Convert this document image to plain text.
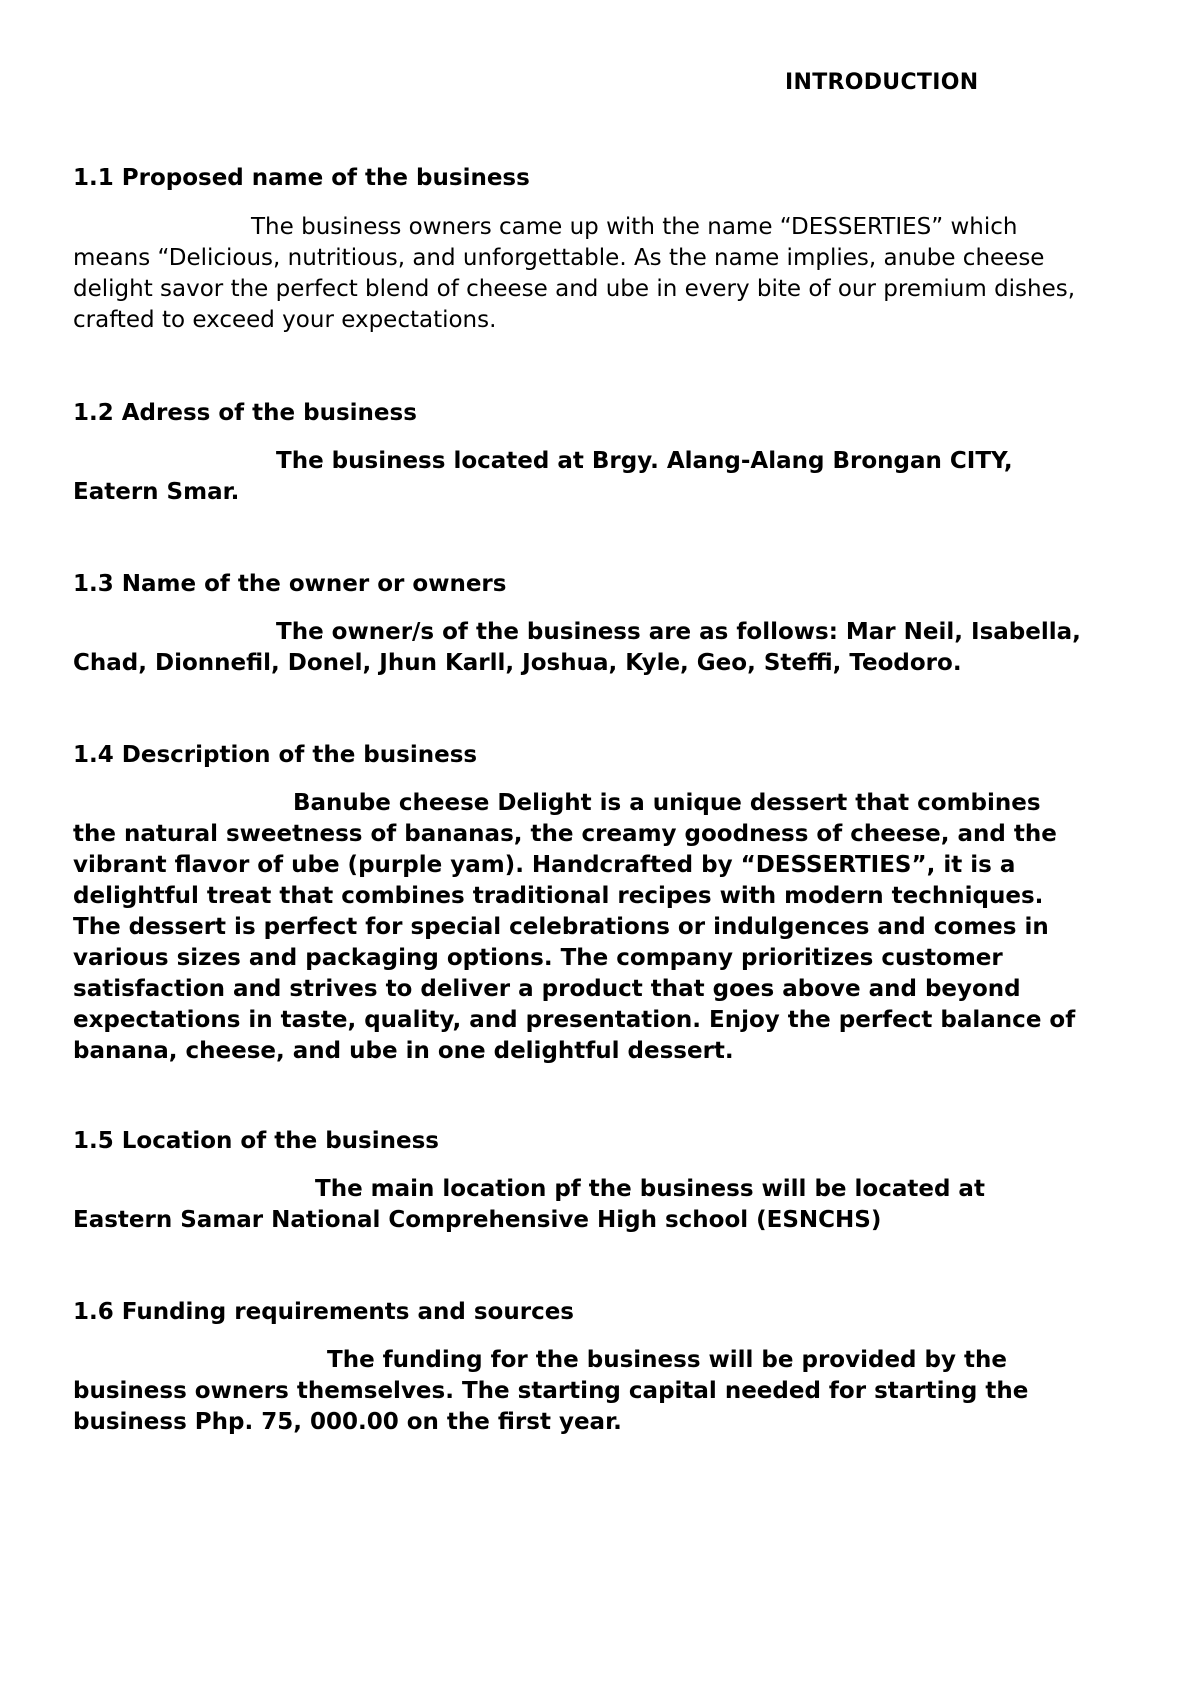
INTRODUCTION
1.1 Proposed name of the business
The business owners came up with the name “DESSERTIES” which
means “Delicious, nutritious, and unforgettable. As the name implies, anube cheese
delight savor the perfect blend of cheese and ube in every bite of our premium dishes,
crafted to exceed your expectations.
1.2 Adress of the business
The business located at Brgy. Alang-Alang Brongan CITY,
Eatern Smar.
1.3 Name of the owner or owners
The owner/s of the business are as follows: Mar Neil, Isabella,
Chad, Dionnefil, Donel, Jhun Karll, Joshua, Kyle, Geo, Steffi, Teodoro.
1.4 Description of the business
Banube cheese Delight is a unique dessert that combines
the natural sweetness of bananas, the creamy goodness of cheese, and the
vibrant flavor of ube (purple yam). Handcrafted by “DESSERTIES”, it is a
delightful treat that combines traditional recipes with modern techniques.
The dessert is perfect for special celebrations or indulgences and comes in
various sizes and packaging options. The company prioritizes customer
satisfaction and strives to deliver a product that goes above and beyond
expectations in taste, quality, and presentation. Enjoy the perfect balance of
banana, cheese, and ube in one delightful dessert.
1.5 Location of the business
The main location pf the business will be located at
Eastern Samar National Comprehensive High school (ESNCHS)
1.6 Funding requirements and sources
The funding for the business will be provided by the
business owners themselves. The starting capital needed for starting the
business Php. 75, 000.00 on the first year.
